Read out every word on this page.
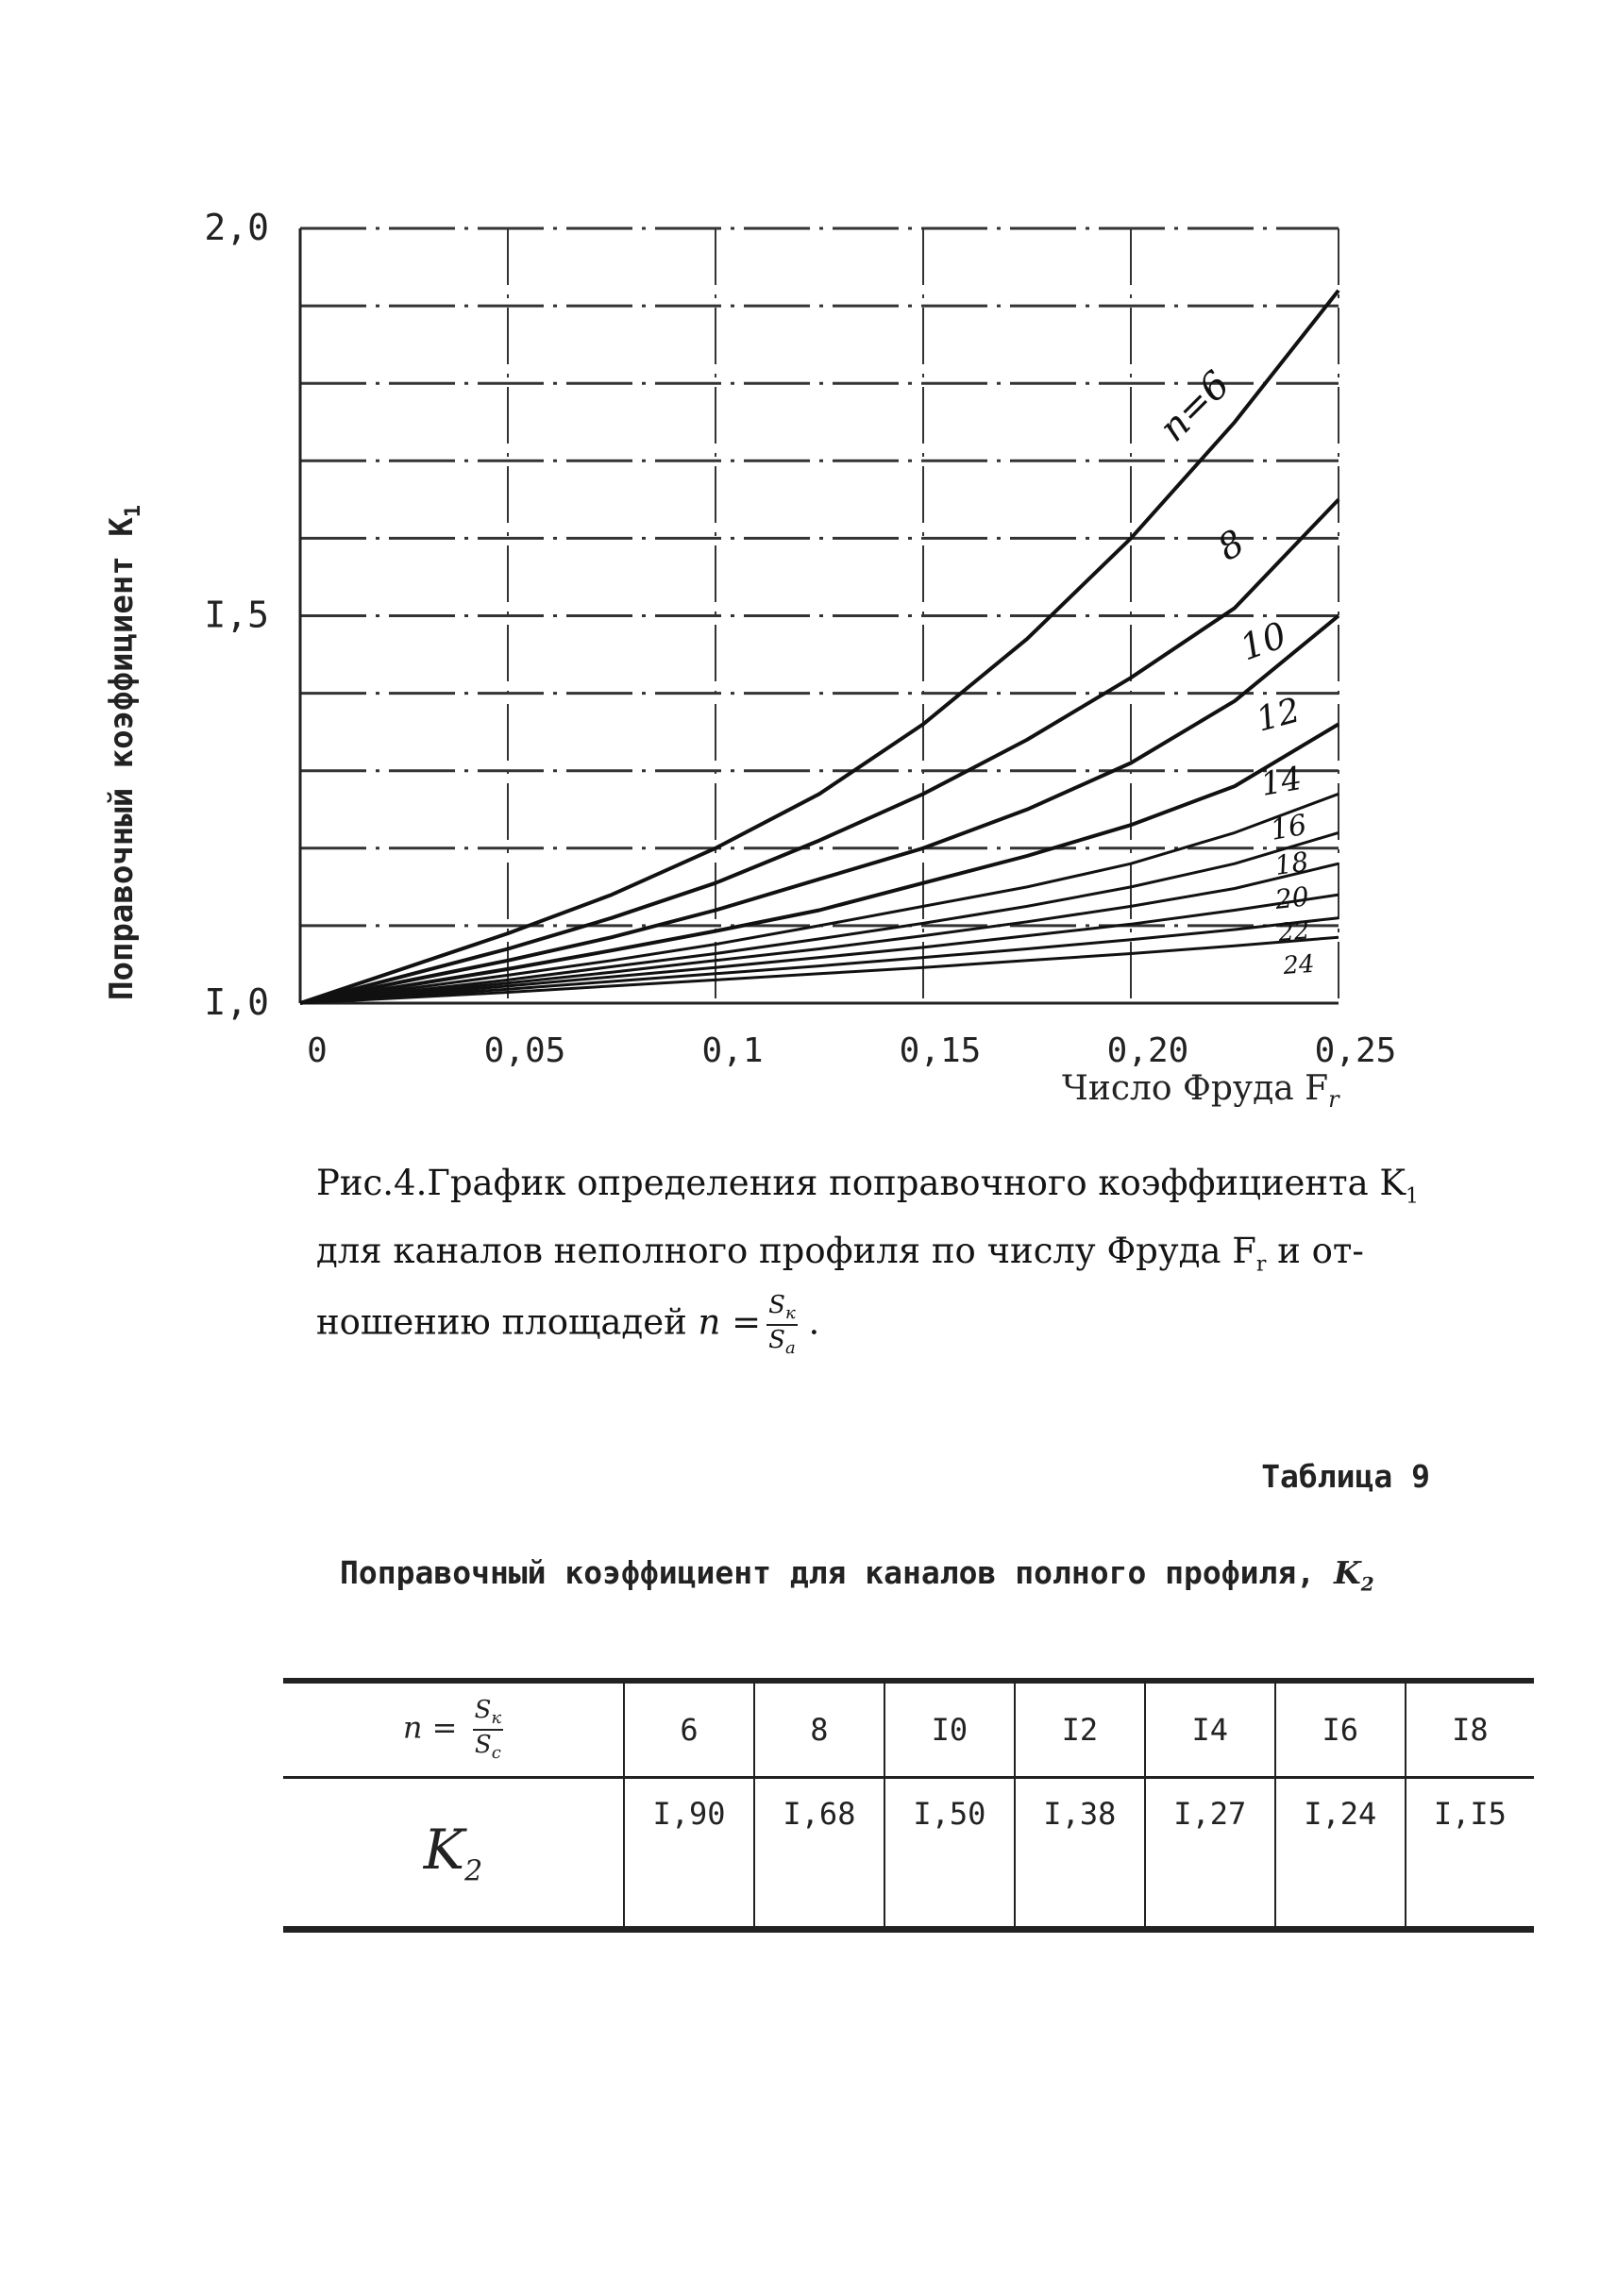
n=6
8
10
12
14
16
18
20
22
24
0	0,05	0,1	0,15	0,20	0,25
I,0
I,5
2,0
Число Фруда $F_r$
Поправочный коэффициент $K_1$
Рис.4.График определения поправочного коэффициента $K_1$
для каналов неполного профиля по числу Фруда $F_r$ и от-
ношению площадей $n = \frac{S_к}{S_а}$ .
Таблица 9
Поправочный коэффициент для каналов полного профиля, $K_2$
$n = \frac{S_к}{S_с}$	6	8	I0	I2	I4	I6	I8
$K_2$	I,90	I,68	I,50	I,38	I,27	I,24	I,I5
